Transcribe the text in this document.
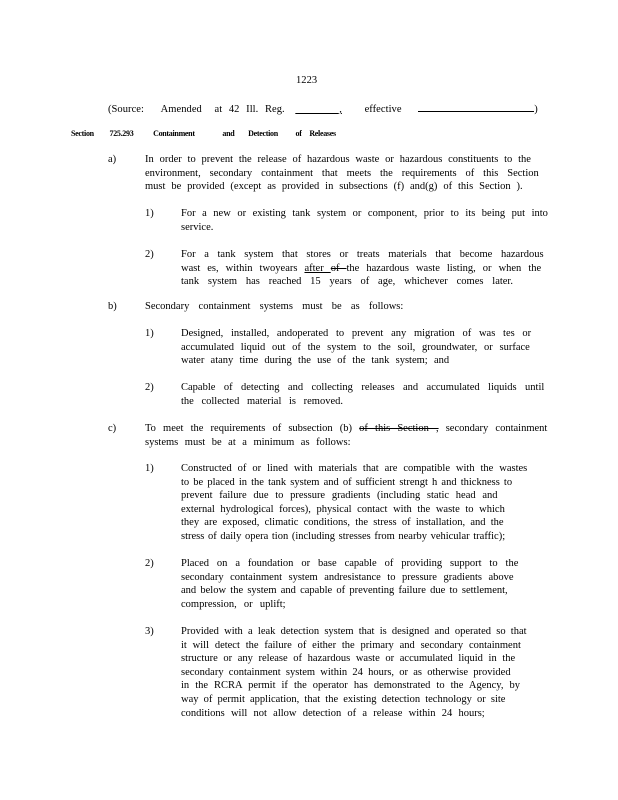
1223
(Source: Amended at 42 Ill. Reg. __ _____, effective	)
Section 725.293 Containment	and Detection of Releases
a)	In order to prevent the release of hazardous waste or hazardous constituents to the
environment, secondary containment that meets the requirements of this Section
must be provided (except as provided in subsections (f) and(g) of this Section ).
1)	For a new or existing tank system or component, prior to its being put into
service.
2)	For a tank system that stores or treats materials that become hazardous
wast es, within twoyears after of the hazardous waste listing, or when the
tank system has reached 15 years of age, whichever comes later.
b)	Secondary containment systems must be as follows:
1)	Designed, installed, andoperated to prevent any migration of was tes or
accumulated liquid out of the system to the soil, groundwater, or surface
water atany time during the use of the tank system; and
2)	Capable of detecting and collecting releases and accumulated liquids until
the collected material is removed.
c)	To meet the requirements of subsection (b) of this Section , secondary containment
systems must be at a minimum as follows:
1)	Constructed of or lined with materials that are compatible with the wastes
to be placed in the tank system and of sufficient strengt h and thickness to
prevent failure due to pressure gradients (including static head and
external hydrological forces), physical contact with the waste to which
they are exposed, climatic conditions, the stress of installation, and the
stress of daily opera tion (including stresses from nearby vehicular traffic);
2)	Placed on a foundation or base capable of providing support to the
secondary containment system andresistance to pressure gradients above
and below the system and capable of preventing failure due to settlement,
compression, or uplift;
3)	Provided with a leak detection system that is designed and operated so that
it will detect the failure of either the primary and secondary containment
structure or any release of hazardous waste or accumulated liquid in the
secondary containment system within 24 hours, or as otherwise provided
in the RCRA permit if the operator has demonstrated to the Agency, by
way of permit application, that the existing detection technology or site
conditions will not allow detection of a release within 24 hours;
